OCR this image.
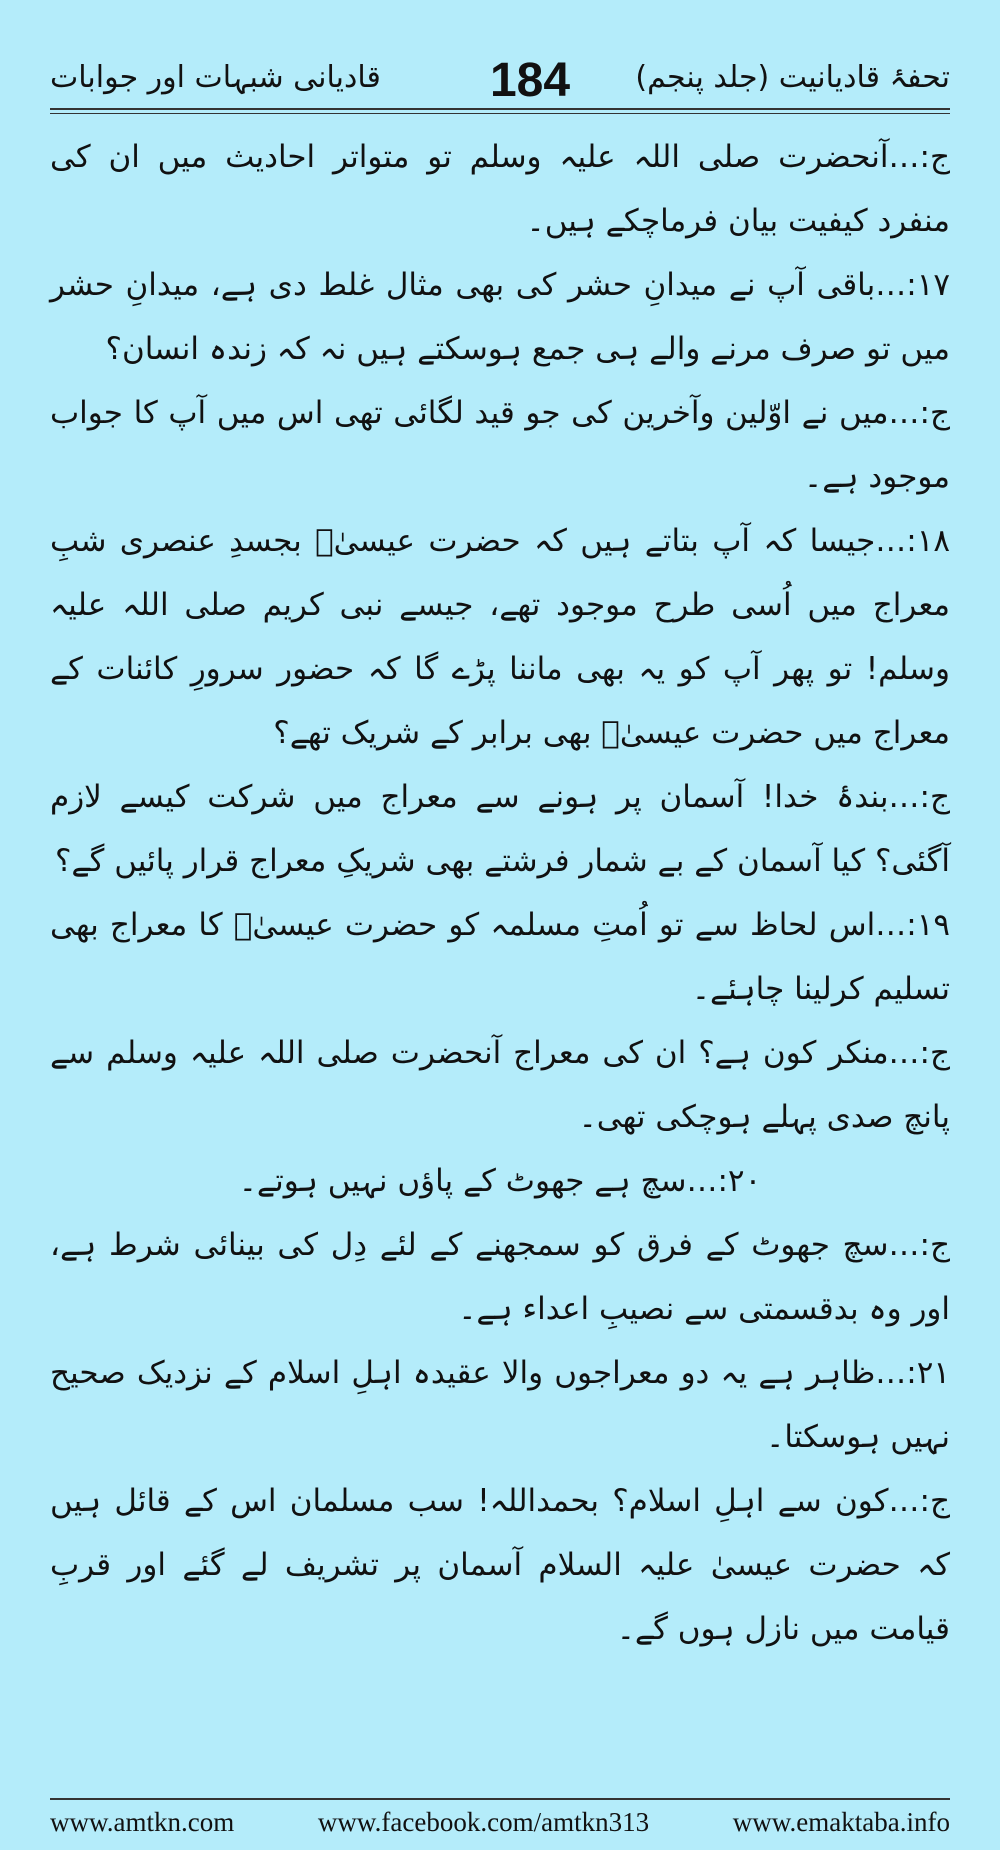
تحفۂ قادیانیت (جلد پنجم)
184
قادیانی شبہات اور جوابات
ج:…آنحضرت صلی اللہ علیہ وسلم تو متواتر احادیث میں ان کی منفرد کیفیت بیان فرماچکے ہیں۔
۱۷:…باقی آپ نے میدانِ حشر کی بھی مثال غلط دی ہے، میدانِ حشر میں تو صرف مرنے والے ہی جمع ہوسکتے ہیں نہ کہ زندہ انسان؟
ج:…میں نے اوّلین وآخرین کی جو قید لگائی تھی اس میں آپ کا جواب موجود ہے۔
۱۸:…جیسا کہ آپ بتاتے ہیں کہ حضرت عیسیٰؑ بجسدِ عنصری شبِ معراج میں اُسی طرح موجود تھے، جیسے نبی کریم صلی اللہ علیہ وسلم! تو پھر آپ کو یہ بھی ماننا پڑے گا کہ حضور سرورِ کائنات کے معراج میں حضرت عیسیٰؑ بھی برابر کے شریک تھے؟
ج:…بندۂ خدا! آسمان پر ہونے سے معراج میں شرکت کیسے لازم آگئی؟ کیا آسمان کے بے شمار فرشتے بھی شریکِ معراج قرار پائیں گے؟
۱۹:…اس لحاظ سے تو اُمتِ مسلمہ کو حضرت عیسیٰؑ کا معراج بھی تسلیم کرلینا چاہئے۔
ج:…منکر کون ہے؟ ان کی معراج آنحضرت صلی اللہ علیہ وسلم سے پانچ صدی پہلے ہوچکی تھی۔
۲۰:…سچ ہے جھوٹ کے پاؤں نہیں ہوتے۔
ج:…سچ جھوٹ کے فرق کو سمجھنے کے لئے دِل کی بینائی شرط ہے، اور وہ بدقسمتی سے نصیبِ اعداء ہے۔
۲۱:…ظاہر ہے یہ دو معراجوں والا عقیدہ اہلِ اسلام کے نزدیک صحیح نہیں ہوسکتا۔
ج:…کون سے اہلِ اسلام؟ بحمداللہ! سب مسلمان اس کے قائل ہیں کہ حضرت عیسیٰ علیہ السلام آسمان پر تشریف لے گئے اور قربِ قیامت میں نازل ہوں گے۔
www.amtkn.com	www.facebook.com/amtkn313	www.emaktaba.info
